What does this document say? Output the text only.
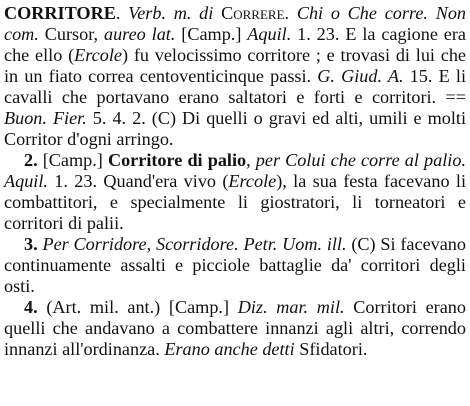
CORRITORE. Verb. m. di Correre. Chi o Che corre. Non com. Cursor, aureo lat. [Camp.] Aquil. 1. 23. E la cagione era che ello (Ercole) fu velocissimo corritore ; e trovasi di lui che in un fiato correa centoventicinque passi. G. Giud. A. 15. E li cavalli che portavano erano saltatori e forti e corritori. == Buon. Fier. 5. 4. 2. (C) Di quelli o gravi ed alti, umili e molti Corritor d'ogni arringo.

2. [Camp.] Corritore di palio, per Colui che corre al palio. Aquil. 1. 23. Quand'era vivo (Ercole), la sua festa facevano li combattitori, e specialmente li giostratori, li torneatori e corritori di palii.

3. Per Corridore, Scorridore. Petr. Uom. ill. (C) Si facevano continuamente assalti e picciole battaglie da' corritori degli osti.

4. (Art. mil. ant.) [Camp.] Diz. mar. mil. Corritori erano quelli che andavano a combattere innanzi agli altri, correndo innanzi all'ordinanza. Erano anche detti Sfidatori.
